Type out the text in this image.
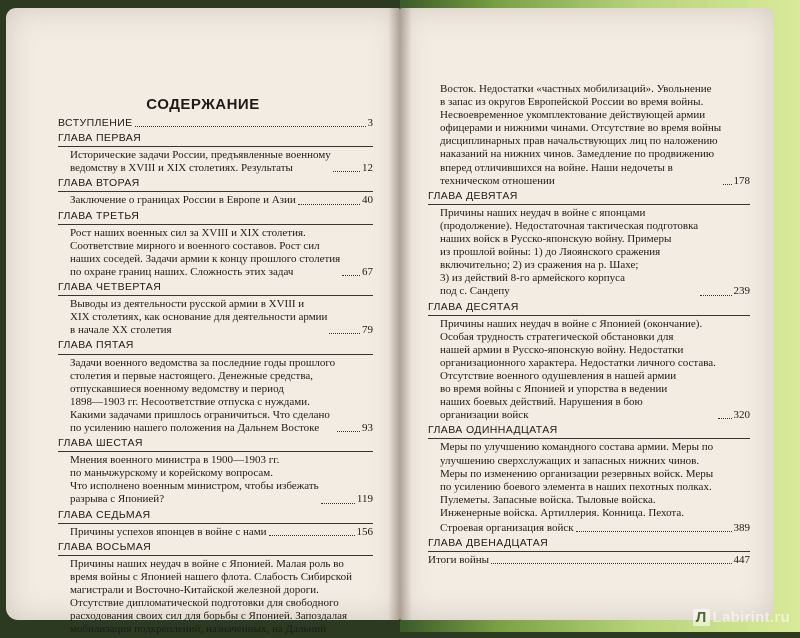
СОДЕРЖАНИЕ
ВСТУПЛЕНИЕ	3
ГЛАВА ПЕРВАЯ
Исторические задачи России, предъявленные военному
ведомству в XVIII и XIX столетиях. Результаты	12
ГЛАВА ВТОРАЯ
Заключение о границах России в Европе и Азии	40
ГЛАВА ТРЕТЬЯ
Рост наших военных сил за XVIII и XIX столетия.
Соответствие мирного и военного составов. Рост сил
наших соседей. Задачи армии к концу прошлого столетия
по охране границ наших. Сложность этих задач	67
ГЛАВА ЧЕТВЕРТАЯ
Выводы из деятельности русской армии в XVIII и
XIX столетиях, как основание для деятельности армии
в начале XX столетия	79
ГЛАВА ПЯТАЯ
Задачи военного ведомства за последние годы прошлого
столетия и первые настоящего. Денежные средства,
отпускавшиеся военному ведомству и период
1898—1903 гг. Несоответствие отпуска с нуждами.
Какими задачами пришлось ограничиться. Что сделано
по усилению нашего положения на Дальнем Востоке	93
ГЛАВА ШЕСТАЯ
Мнения военного министра в 1900—1903 гг.
по маньчжурскому и корейскому вопросам.
Что исполнено военным министром, чтобы избежать
разрыва с Японией?	119
ГЛАВА СЕДЬМАЯ
Причины успехов японцев в войне с нами	156
ГЛАВА ВОСЬМАЯ
Причины наших неудач в войне с Японией. Малая роль во
время войны с Японией нашего флота. Слабость Сибирской
магистрали и Восточно-Китайской железной дороги.
Отсутствие дипломатической подготовки для свободного
расходования своих сил для борьбы с Японией. Запоздалая
мобилизация подкреплений, назначенных, на Дальний
Восток. Недостатки «частных мобилизаций». Увольнение
в запас из округов Европейской России во время войны.
Несвоевременное укомплектование действующей армии
офицерами и нижними чинами. Отсутствие во время войны
дисциплинарных прав начальствующих лиц по наложению
наказаний на нижних чинов. Замедление по продвижению
вперед отличившихся на войне. Наши недочеты в
техническом отношении	178
ГЛАВА ДЕВЯТАЯ
Причины наших неудач в войне с японцами
(продолжение). Недостаточная тактическая подготовка
наших войск в Русско-японскую войну. Примеры
из прошлой войны: 1) до Ляоянского сражения
включительно; 2) из сражения на р. Шахе;
3) из действий 8-го армейского корпуса
под с. Сандепу	239
ГЛАВА ДЕСЯТАЯ
Причины наших неудач в войне с Японией (окончание).
Особая трудность стратегической обстановки для
нашей армии в Русско-японскую войну. Недостатки
организационного характера. Недостатки личного состава.
Отсутствие военного одушевления в нашей армии
во время войны с Японией и упорства в ведении
наших боевых действий. Нарушения в бою
организации войск	320
ГЛАВА ОДИННАДЦАТАЯ
Меры по улучшению командного состава армии. Меры по
улучшению сверхслужащих и запасных нижних чинов.
Меры по изменению организации резервных войск. Меры
по усилению боевого элемента в наших пехотных полках.
Пулеметы. Запасные войска. Тыловые войска.
Инженерные войска. Артиллерия. Конница. Пехота.
Строевая организация войск	389
ГЛАВА ДВЕНАДЦАТАЯ
Итоги войны	447
Л Labirint.ru
